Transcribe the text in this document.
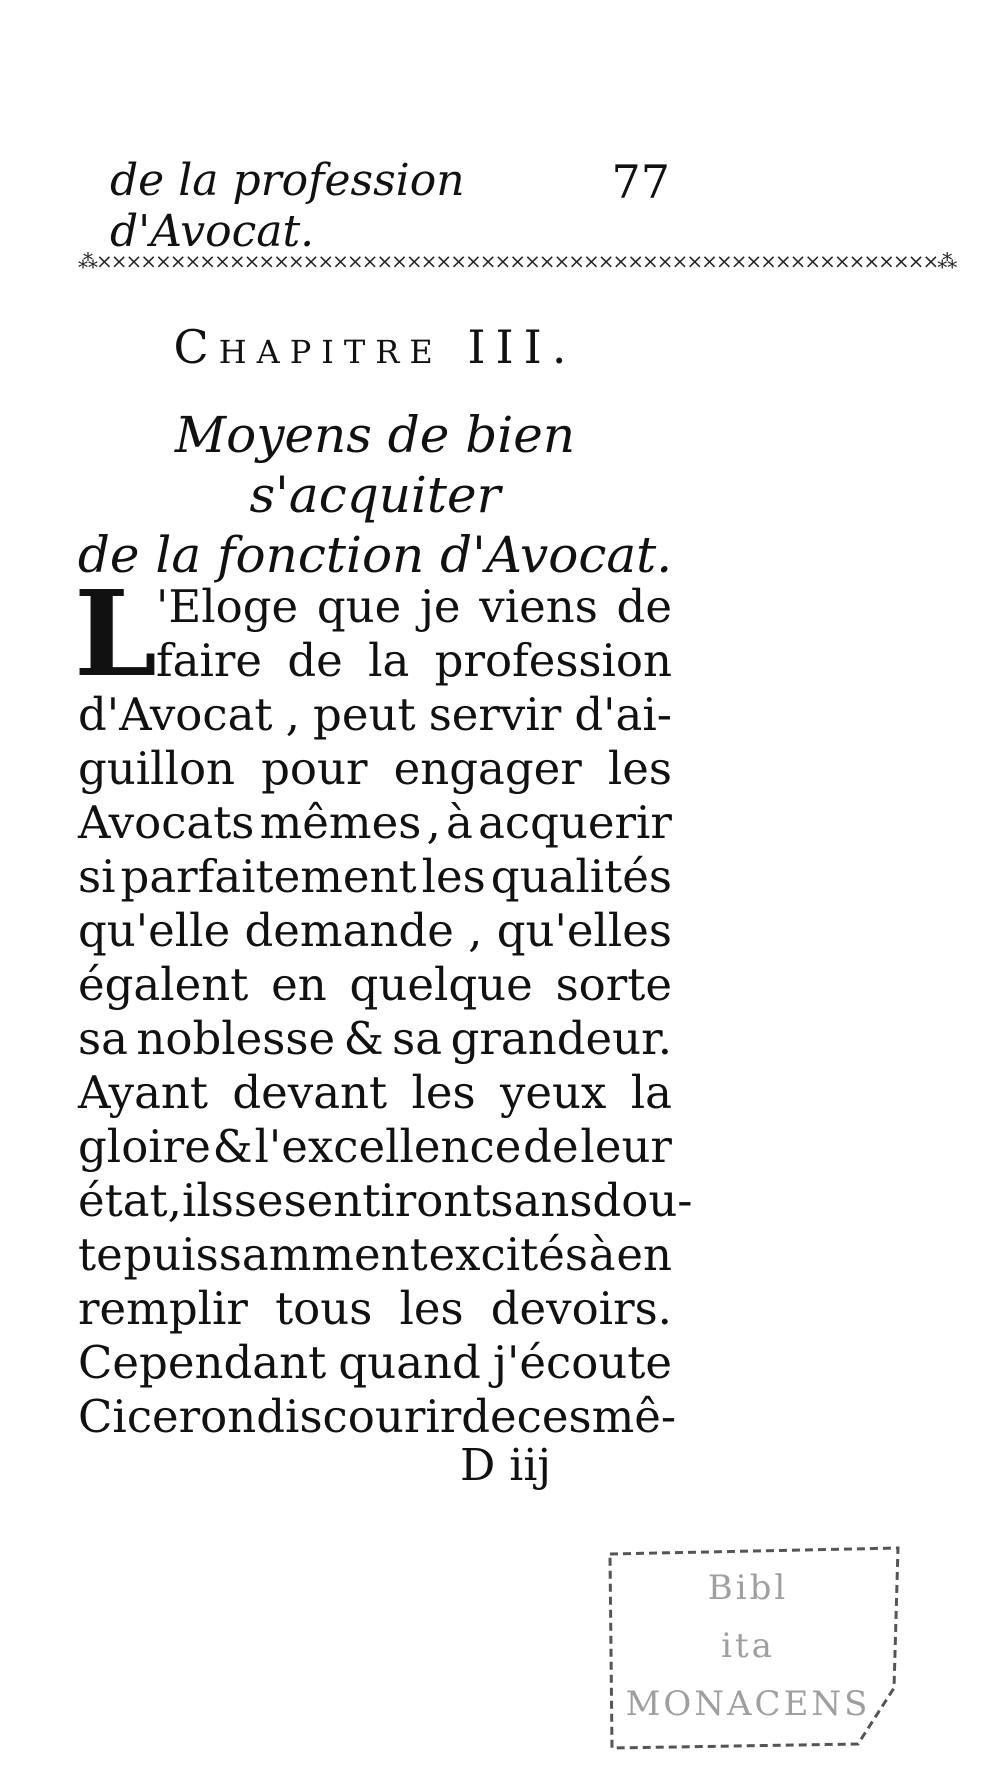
de la profession d'Avocat.
77
⁂×××××××××××××××××××××××××××××××××××××××××××××××××××××××××⁂
Chapitre III.
Moyens de bien s'acquiter
de la fonction d'Avocat.
L 'Eloge que je viens de
faire de la profession
d'Avocat , peut servir d'ai-
guillon pour engager les
Avocats mêmes , à acquerir
si parfaitement les qualités
qu'elle demande , qu'elles
égalent en quelque sorte
sa noblesse & sa grandeur.
Ayant devant les yeux la
gloire & l'excellence de leur
état, ils se sentiront sans dou-
te puissamment excités à en
remplir tous les devoirs.
Cependant quand j'écoute
Ciceron discourir de ces mê-
D iij
Bibl
ita
MONACENS
